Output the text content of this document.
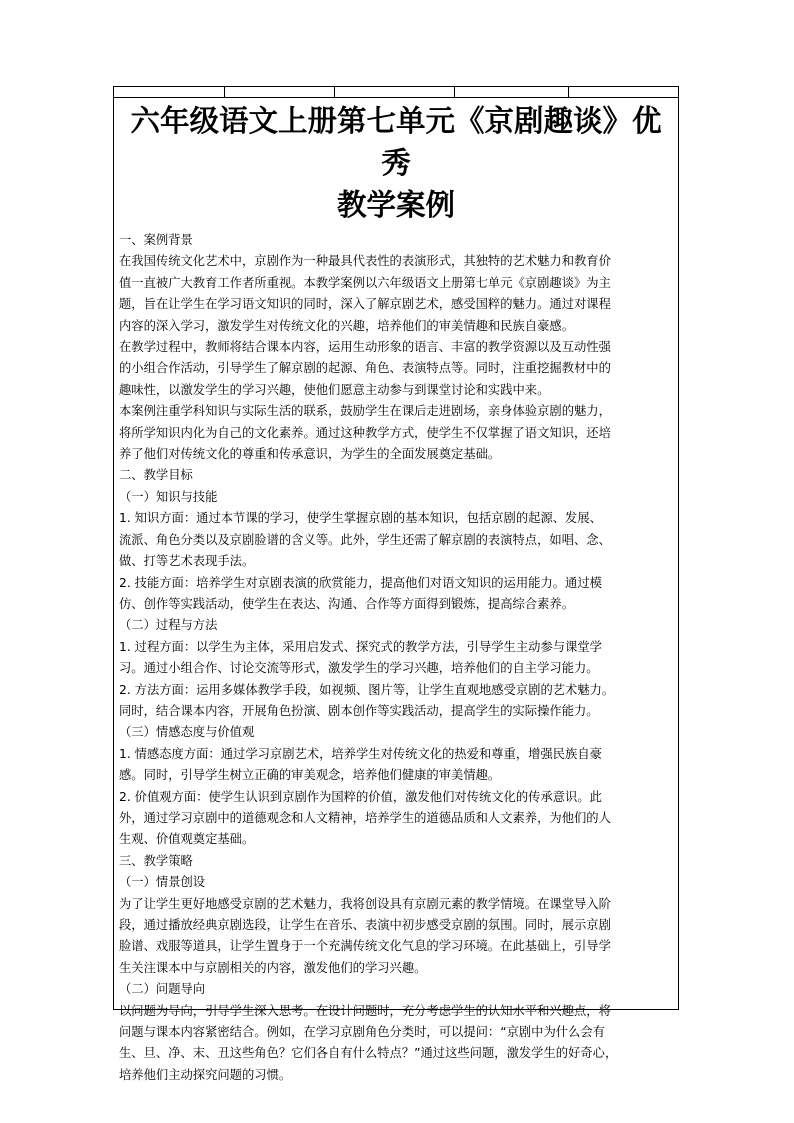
六年级语文上册第七单元《京剧趣谈》优秀
教学案例
一、案例背景
在我国传统文化艺术中，京剧作为一种最具代表性的表演形式，其独特的艺术魅力和教育价
值一直被广大教育工作者所重视。本教学案例以六年级语文上册第七单元《京剧趣谈》为主
题，旨在让学生在学习语文知识的同时，深入了解京剧艺术，感受国粹的魅力。通过对课程
内容的深入学习，激发学生对传统文化的兴趣，培养他们的审美情趣和民族自豪感。
在教学过程中，教师将结合课本内容，运用生动形象的语言、丰富的教学资源以及互动性强
的小组合作活动，引导学生了解京剧的起源、角色、表演特点等。同时，注重挖掘教材中的
趣味性，以激发学生的学习兴趣，使他们愿意主动参与到课堂讨论和实践中来。
本案例注重学科知识与实际生活的联系，鼓励学生在课后走进剧场，亲身体验京剧的魅力，
将所学知识内化为自己的文化素养。通过这种教学方式，使学生不仅掌握了语文知识，还培
养了他们对传统文化的尊重和传承意识，为学生的全面发展奠定基础。
二、教学目标
（一）知识与技能
1. 知识方面：通过本节课的学习，使学生掌握京剧的基本知识，包括京剧的起源、发展、
流派、角色分类以及京剧脸谱的含义等。此外，学生还需了解京剧的表演特点，如唱、念、
做、打等艺术表现手法。
2. 技能方面：培养学生对京剧表演的欣赏能力，提高他们对语文知识的运用能力。通过模
仿、创作等实践活动，使学生在表达、沟通、合作等方面得到锻炼，提高综合素养。
（二）过程与方法
1. 过程方面：以学生为主体，采用启发式、探究式的教学方法，引导学生主动参与课堂学
习。通过小组合作、讨论交流等形式，激发学生的学习兴趣，培养他们的自主学习能力。
2. 方法方面：运用多媒体教学手段，如视频、图片等，让学生直观地感受京剧的艺术魅力。
同时，结合课本内容，开展角色扮演、剧本创作等实践活动，提高学生的实际操作能力。
（三）情感态度与价值观
1. 情感态度方面：通过学习京剧艺术，培养学生对传统文化的热爱和尊重，增强民族自豪
感。同时，引导学生树立正确的审美观念，培养他们健康的审美情趣。
2. 价值观方面：使学生认识到京剧作为国粹的价值，激发他们对传统文化的传承意识。此
外，通过学习京剧中的道德观念和人文精神，培养学生的道德品质和人文素养，为他们的人
生观、价值观奠定基础。
三、教学策略
（一）情景创设
为了让学生更好地感受京剧的艺术魅力，我将创设具有京剧元素的教学情境。在课堂导入阶
段，通过播放经典京剧选段，让学生在音乐、表演中初步感受京剧的氛围。同时，展示京剧
脸谱、戏服等道具，让学生置身于一个充满传统文化气息的学习环境。在此基础上，引导学
生关注课本中与京剧相关的内容，激发他们的学习兴趣。
（二）问题导向
以问题为导向，引导学生深入思考。在设计问题时，充分考虑学生的认知水平和兴趣点，将
问题与课本内容紧密结合。例如，在学习京剧角色分类时，可以提问：“京剧中为什么会有
生、旦、净、末、丑这些角色？它们各自有什么特点？”通过这些问题，激发学生的好奇心，
培养他们主动探究问题的习惯。
